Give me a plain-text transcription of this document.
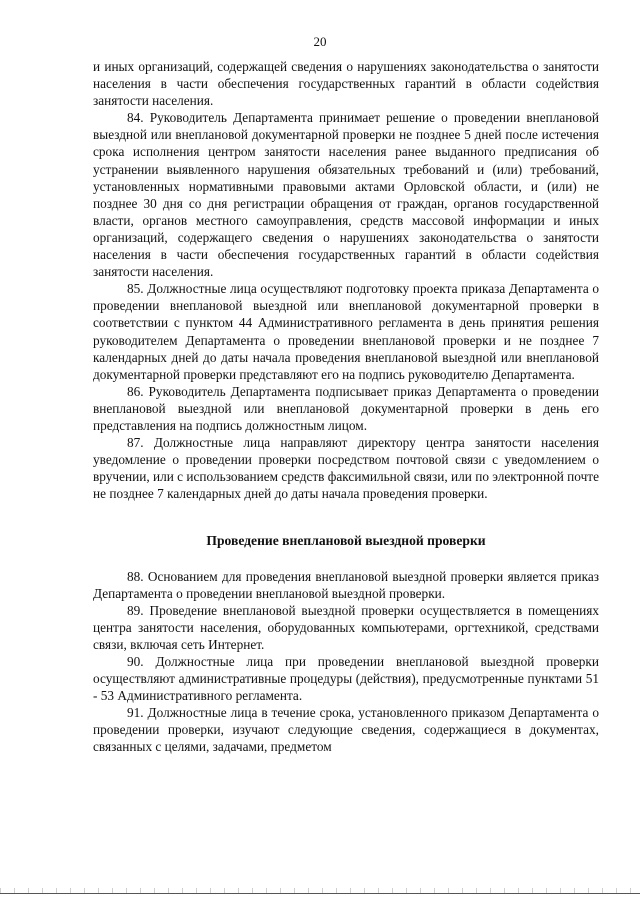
20

и иных организаций, содержащей сведения о нарушениях законодательства о занятости населения в части обеспечения государственных гарантий в области содействия занятости населения.

84. Руководитель Департамента принимает решение о проведении внеплановой выездной или внеплановой документарной проверки не позднее 5 дней после истечения срока исполнения центром занятости населения ранее выданного предписания об устранении выявленного нарушения обязательных требований и (или) требований, установленных нормативными правовыми актами Орловской области, и (или) не позднее 30 дня со дня регистрации обращения от граждан, органов государственной власти, органов местного самоуправления, средств массовой информации и иных организаций, содержащего сведения о нарушениях законодательства о занятости населения в части обеспечения государственных гарантий в области содействия занятости населения.

85. Должностные лица осуществляют подготовку проекта приказа Департамента о проведении внеплановой выездной или внеплановой документарной проверки в соответствии с пунктом 44 Административного регламента в день принятия решения руководителем Департамента о проведении внеплановой проверки и не позднее 7 календарных дней до даты начала проведения внеплановой выездной или внеплановой документарной проверки представляют его на подпись руководителю Департамента.

86. Руководитель Департамента подписывает приказ Департамента о проведении внеплановой выездной или внеплановой документарной проверки в день его представления на подпись должностным лицом.

87. Должностные лица направляют директору центра занятости населения уведомление о проведении проверки посредством почтовой связи с уведомлением о вручении, или с использованием средств факсимильной связи, или по электронной почте не позднее 7 календарных дней до даты начала проведения проверки.

Проведение внеплановой выездной проверки

88. Основанием для проведения внеплановой выездной проверки является приказ Департамента о проведении внеплановой выездной проверки.

89. Проведение внеплановой выездной проверки осуществляется в помещениях центра занятости населения, оборудованных компьютерами, оргтехникой, средствами связи, включая сеть Интернет.

90. Должностные лица при проведении внеплановой выездной проверки осуществляют административные процедуры (действия), предусмотренные пунктами 51 - 53 Административного регламента.

91. Должностные лица в течение срока, установленного приказом Департамента о проведении проверки, изучают следующие сведения, содержащиеся в документах, связанных с целями, задачами, предметом
